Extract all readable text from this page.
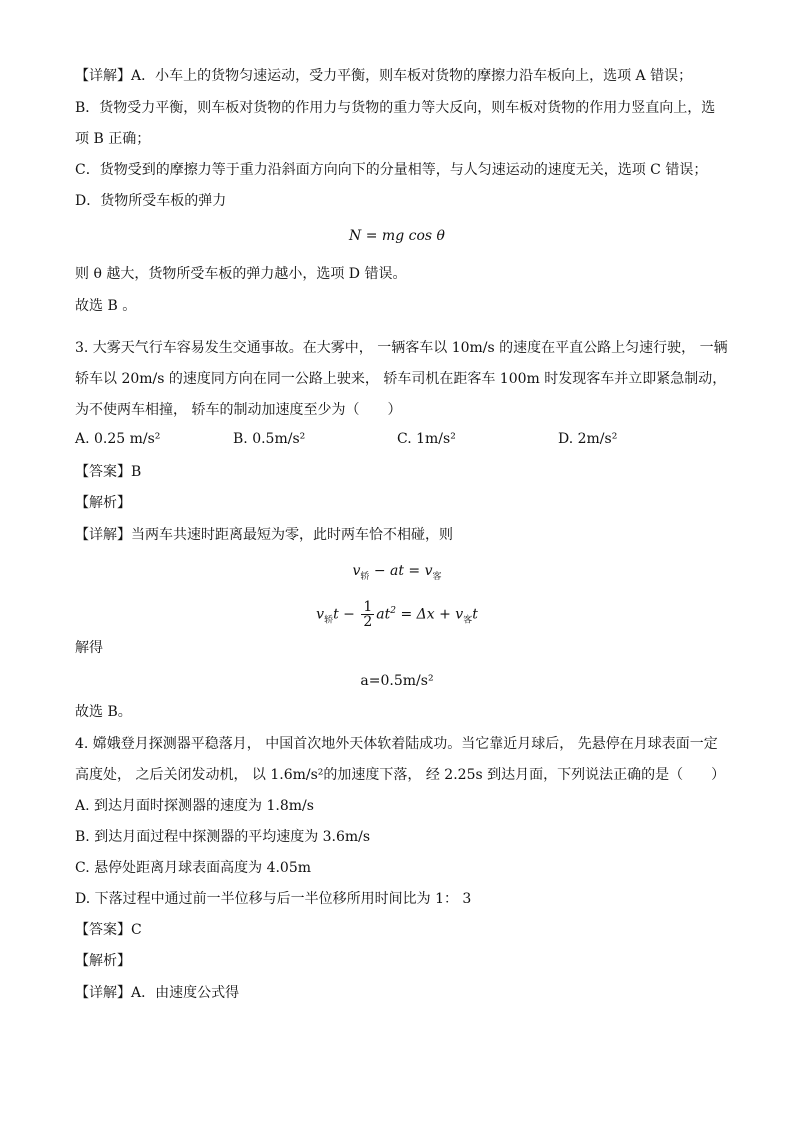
【详解】A．小车上的货物匀速运动，受力平衡，则车板对货物的摩擦力沿车板向上，选项 A 错误；
B．货物受力平衡，则车板对货物的作用力与货物的重力等大反向，则车板对货物的作用力竖直向上，选
项 B 正确；
C．货物受到的摩擦力等于重力沿斜面方向向下的分量相等，与人匀速运动的速度无关，选项 C 错误；
D．货物所受车板的弹力
N = mg cos θ
则 θ 越大，货物所受车板的弹力越小，选项 D 错误。
故选 B 。
3. 大雾天气行车容易发生交通事故。在大雾中， 一辆客车以 10m/s 的速度在平直公路上匀速行驶， 一辆
轿车以 20m/s 的速度同方向在同一公路上驶来， 轿车司机在距客车 100m 时发现客车并立即紧急制动，
为不使两车相撞， 轿车的制动加速度至少为（　　）
A. 0.25 m/s²	B. 0.5m/s²	C. 1m/s²	D. 2m/s²
【答案】B
【解析】
【详解】当两车共速时距离最短为零，此时两车恰不相碰，则
$v_轿$ − at = $v_客$
$v_轿t - \frac{1}{2} at^2 = \Delta x + v_客t$
解得
a=0.5m/s²
故选 B。
4. 嫦娥登月探测器平稳落月， 中国首次地外天体软着陆成功。当它靠近月球后， 先悬停在月球表面一定
高度处， 之后关闭发动机， 以 1.6m/s²的加速度下落， 经 2.25s 到达月面，下列说法正确的是（　　）
A. 到达月面时探测器的速度为 1.8m/s
B. 到达月面过程中探测器的平均速度为 3.6m/s
C. 悬停处距离月球表面高度为 4.05m
D. 下落过程中通过前一半位移与后一半位移所用时间比为 1： 3
【答案】C
【解析】
【详解】A．由速度公式得
